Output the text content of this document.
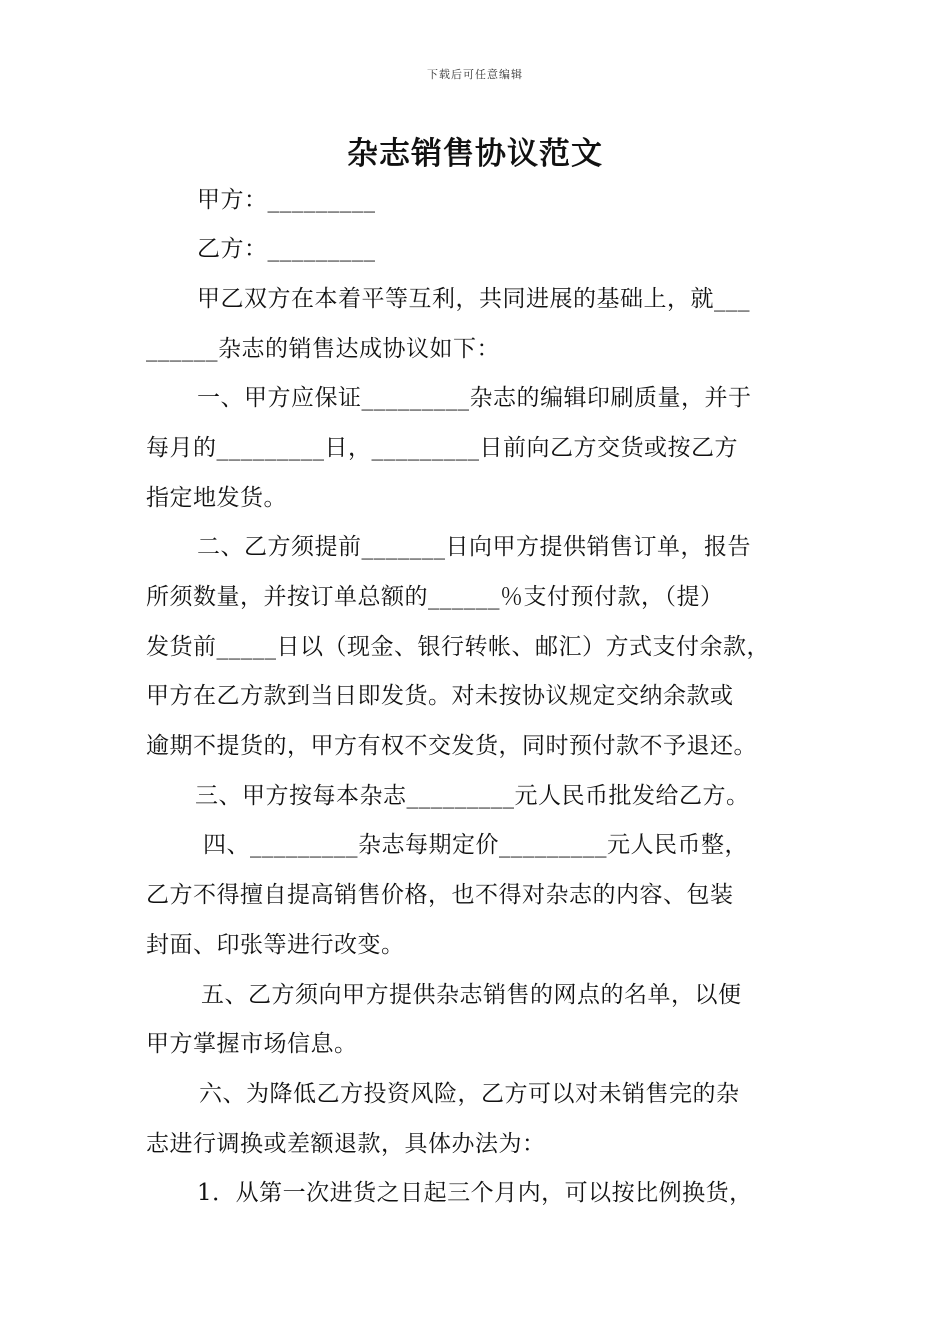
下载后可任意编辑
杂志销售协议范文
甲方：_________
乙方：_________
甲乙双方在本着平等互利，共同进展的基础上，就___
______杂志的销售达成协议如下：
一、甲方应保证_________杂志的编辑印刷质量，并于
每月的_________日，_________日前向乙方交货或按乙方
指定地发货。
二、乙方须提前_______日向甲方提供销售订单，报告
所须数量，并按订单总额的______％支付预付款，（提）
发货前_____日以（现金、银行转帐、邮汇）方式支付余款，
甲方在乙方款到当日即发货。对未按协议规定交纳余款或
逾期不提货的，甲方有权不交发货，同时预付款不予退还。
三、甲方按每本杂志_________元人民币批发给乙方。
四、_________杂志每期定价_________元人民币整，
乙方不得擅自提高销售价格，也不得对杂志的内容、包装
封面、印张等进行改变。
五、乙方须向甲方提供杂志销售的网点的名单，以便
甲方掌握市场信息。
六、为降低乙方投资风险，乙方可以对未销售完的杂
志进行调换或差额退款，具体办法为：
1．从第一次进货之日起三个月内，可以按比例换货，
